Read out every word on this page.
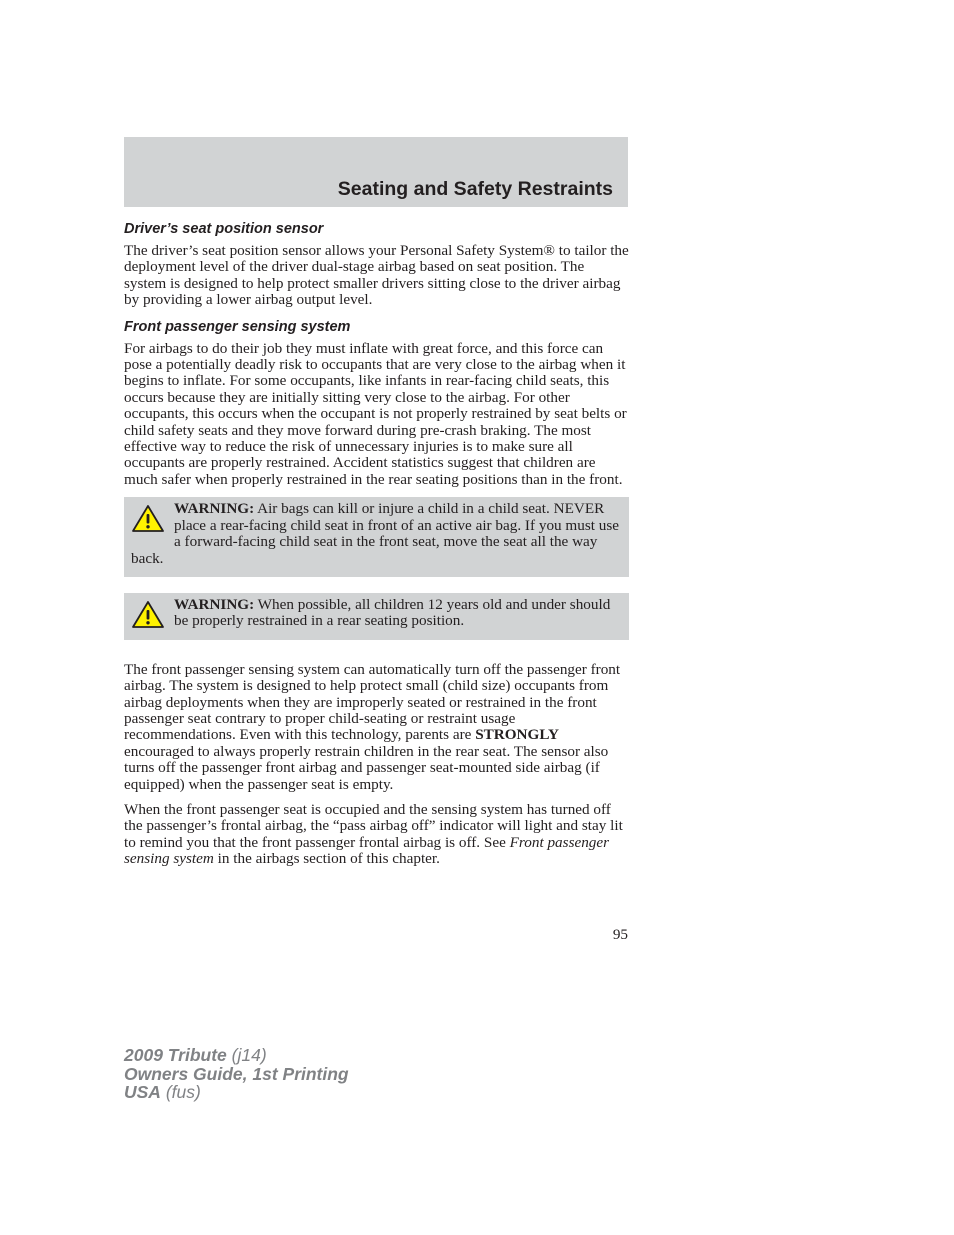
Seating and Safety Restraints
Driver’s seat position sensor

The driver’s seat position sensor allows your Personal Safety System® to tailor the deployment level of the driver dual-stage airbag based on seat position. The system is designed to help protect smaller drivers sitting close to the driver airbag by providing a lower airbag output level.

Front passenger sensing system

For airbags to do their job they must inflate with great force, and this force can pose a potentially deadly risk to occupants that are very close to the airbag when it begins to inflate. For some occupants, like infants in rear-facing child seats, this occurs because they are initially sitting very close to the airbag. For other occupants, this occurs when the occupant is not properly restrained by seat belts or child safety seats and they move forward during pre-crash braking. The most effective way to reduce the risk of unnecessary injuries is to make sure all occupants are properly restrained. Accident statistics suggest that children are much safer when properly restrained in the rear seating positions than in the front.

WARNING: Air bags can kill or injure a child in a child seat. NEVER place a rear-facing child seat in front of an active air bag. If you must use a forward-facing child seat in the front seat, move the seat all the way back.
WARNING: When possible, all children 12 years old and under should be properly restrained in a rear seating position.

The front passenger sensing system can automatically turn off the passenger front airbag. The system is designed to help protect small (child size) occupants from airbag deployments when they are improperly seated or restrained in the front passenger seat contrary to proper child-seating or restraint usage recommendations. Even with this technology, parents are STRONGLY encouraged to always properly restrain children in the rear seat. The sensor also turns off the passenger front airbag and passenger seat-mounted side airbag (if equipped) when the passenger seat is empty.

When the front passenger seat is occupied and the sensing system has turned off the passenger’s frontal airbag, the “pass airbag off” indicator will light and stay lit to remind you that the front passenger frontal airbag is off. See Front passenger sensing system in the airbags section of this chapter.

95
2009 Tribute (j14)
Owners Guide, 1st Printing
USA (fus)
